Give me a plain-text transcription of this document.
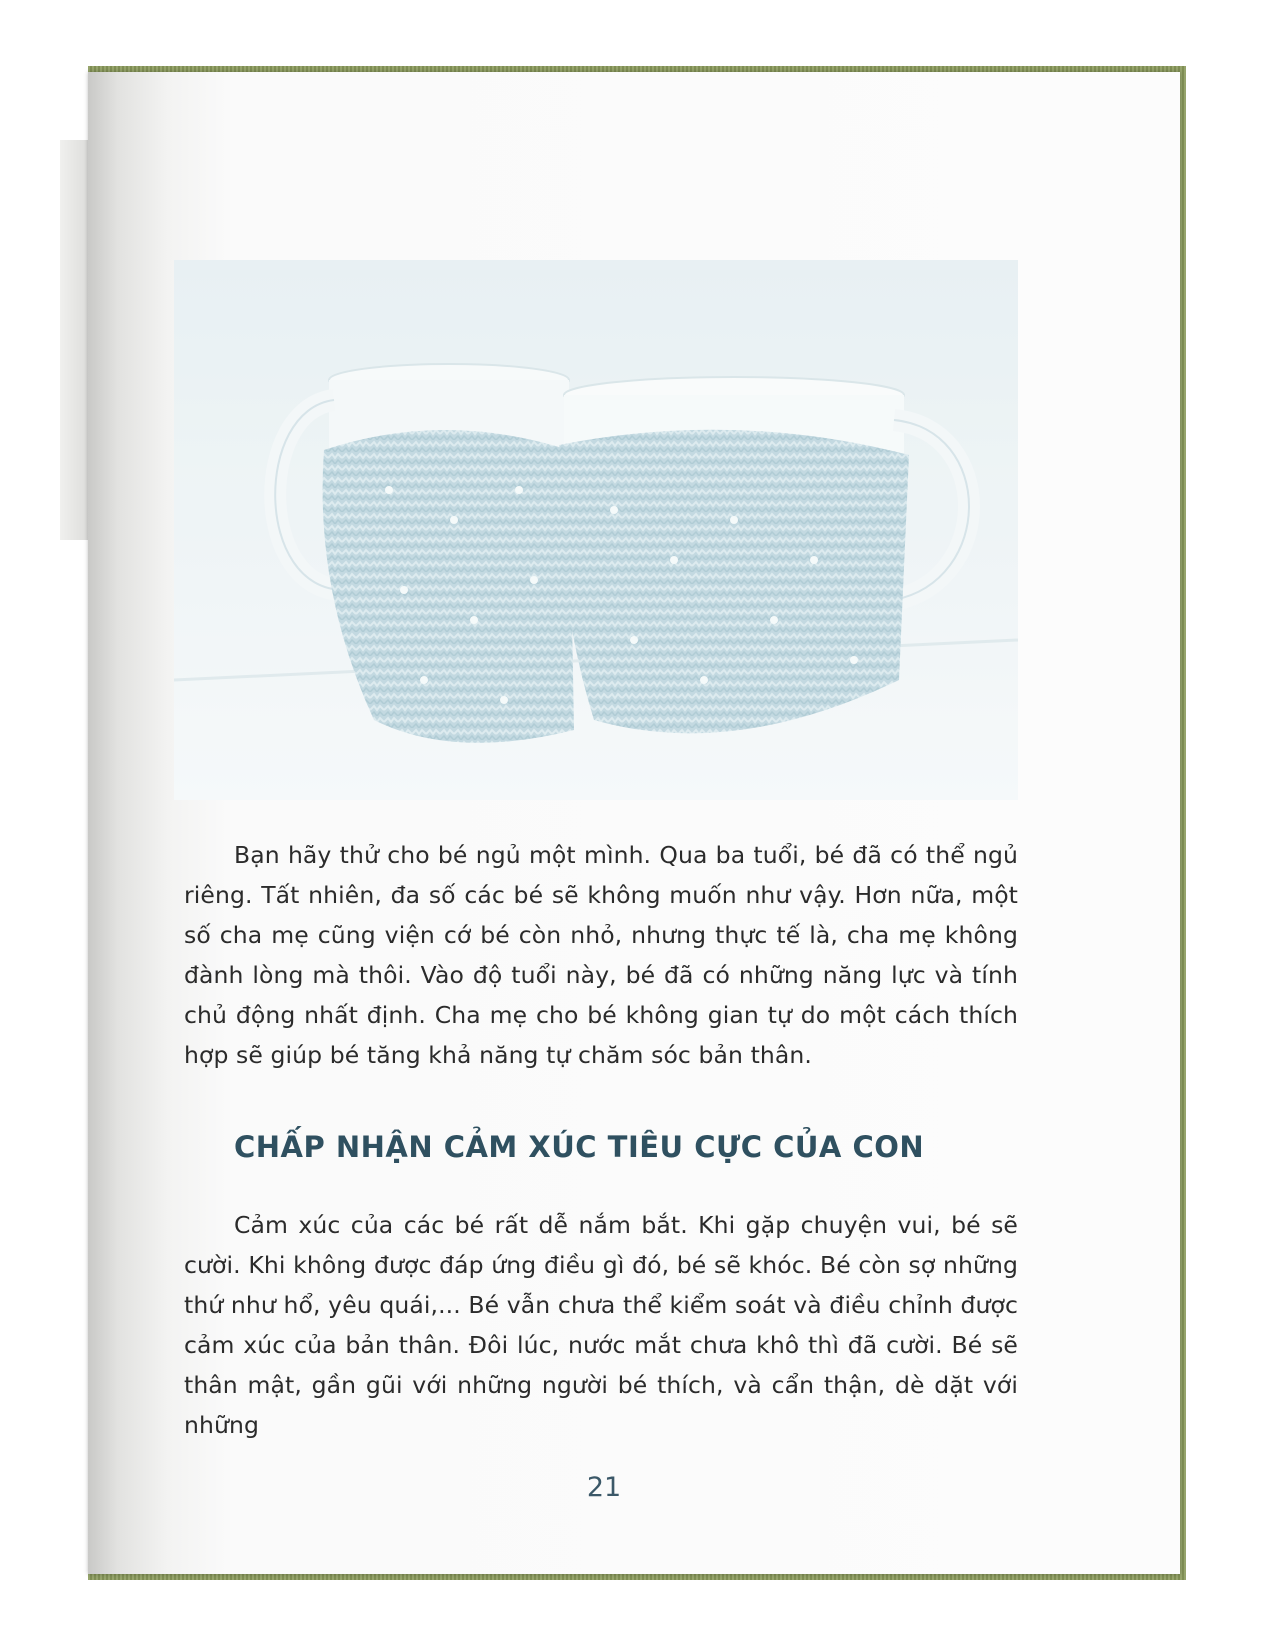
Bạn hãy thử cho bé ngủ một mình. Qua ba tuổi, bé đã có thể ngủ riêng. Tất nhiên, đa số các bé sẽ không muốn như vậy. Hơn nữa, một số cha mẹ cũng viện cớ bé còn nhỏ, nhưng thực tế là, cha mẹ không đành lòng mà thôi. Vào độ tuổi này, bé đã có những năng lực và tính chủ động nhất định. Cha mẹ cho bé không gian tự do một cách thích hợp sẽ giúp bé tăng khả năng tự chăm sóc bản thân.

CHẤP NHẬN CẢM XÚC TIÊU CỰC CỦA CON

Cảm xúc của các bé rất dễ nắm bắt. Khi gặp chuyện vui, bé sẽ cười. Khi không được đáp ứng điều gì đó, bé sẽ khóc. Bé còn sợ những thứ như hổ, yêu quái,... Bé vẫn chưa thể kiểm soát và điều chỉnh được cảm xúc của bản thân. Đôi lúc, nước mắt chưa khô thì đã cười. Bé sẽ thân mật, gần gũi với những người bé thích, và cẩn thận, dè dặt với những

21
